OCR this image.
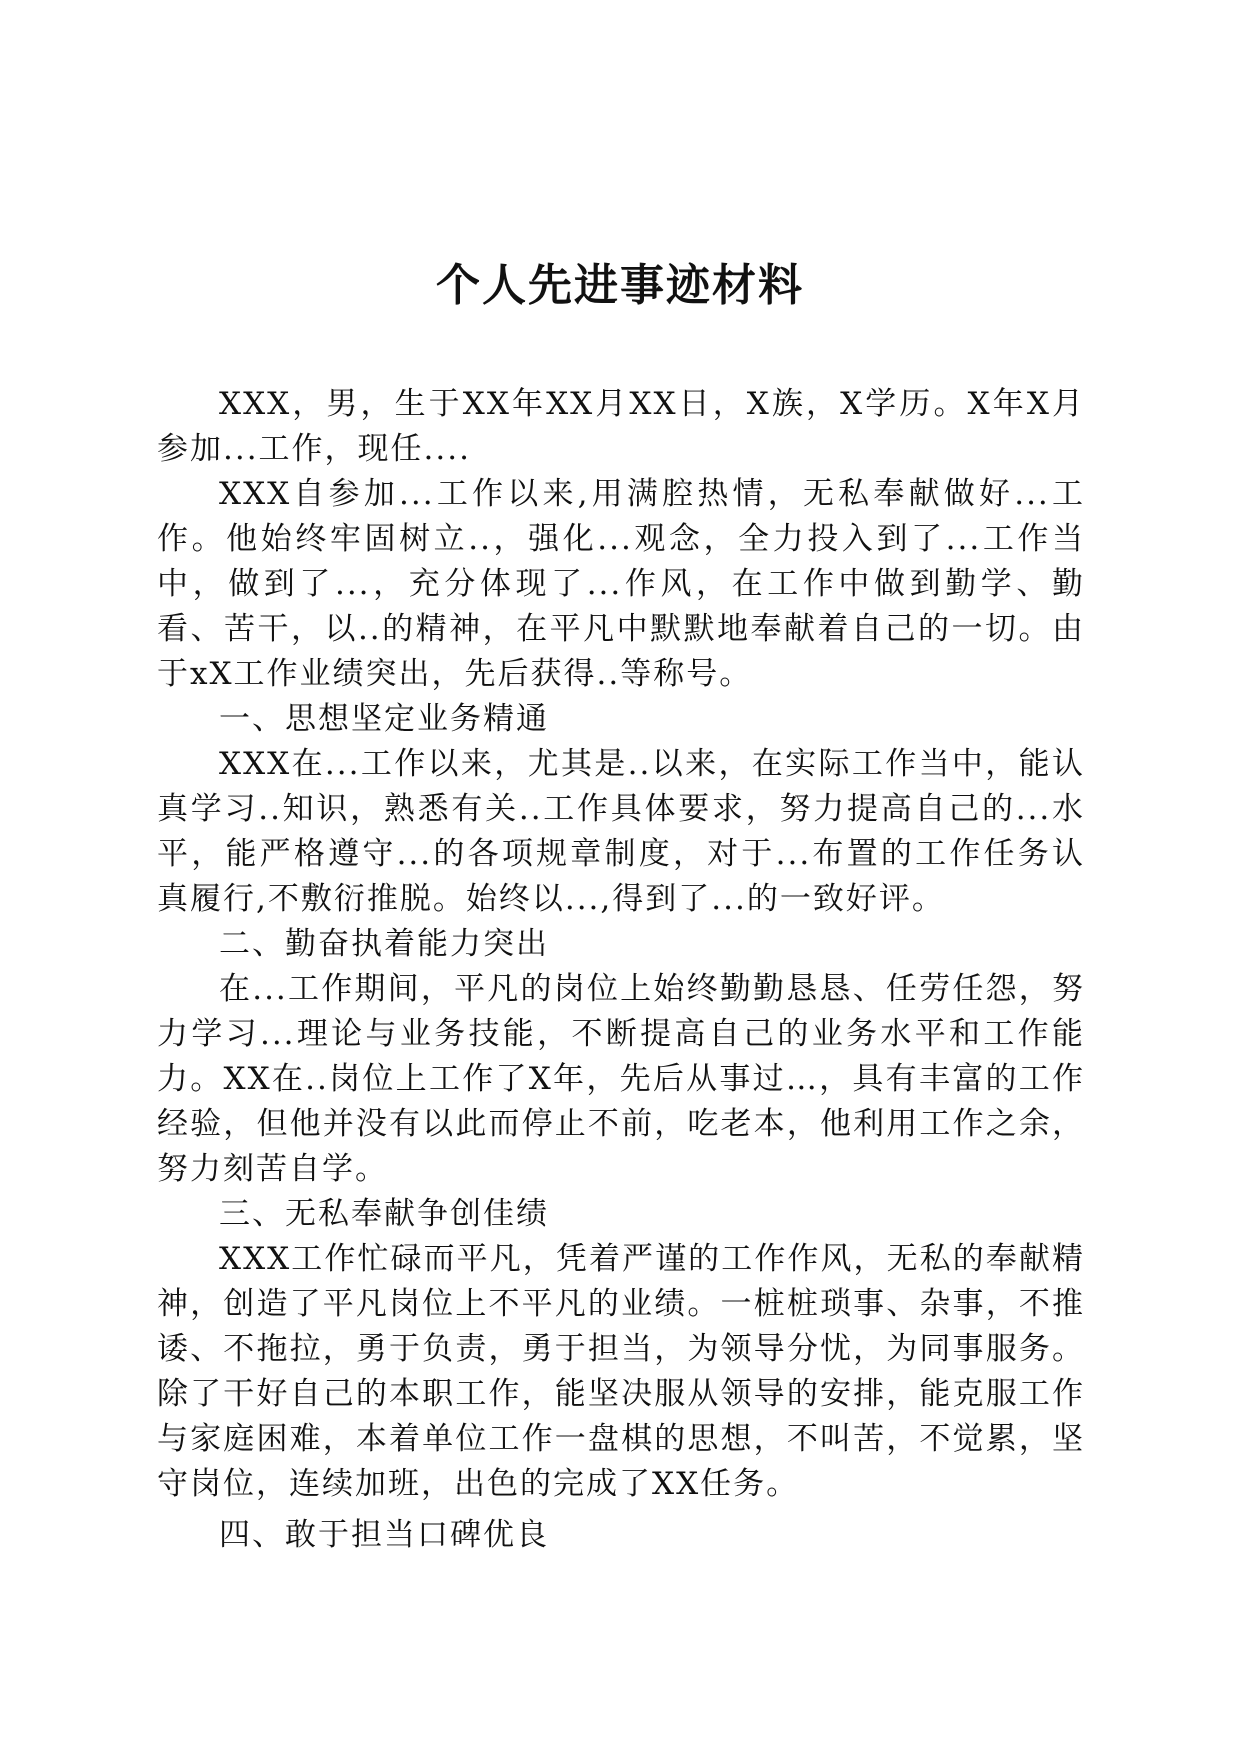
个人先进事迹材料

XXX，男，生于XX年XX月XX日，X族，X学历。X年X月参加...工作，现任....

XXX自参加...工作以来,用满腔热情，无私奉献做好...工作。他始终牢固树立..，强化...观念，全力投入到了...工作当中，做到了...，充分体现了...作风，在工作中做到勤学、勤看、苦干，以..的精神，在平凡中默默地奉献着自己的一切。由于xX工作业绩突出，先后获得..等称号。

一、思想坚定业务精通

XXX在...工作以来，尤其是..以来，在实际工作当中，能认真学习..知识，熟悉有关..工作具体要求，努力提高自己的...水平，能严格遵守...的各项规章制度，对于...布置的工作任务认真履行,不敷衍推脱。始终以...,得到了...的一致好评。

二、勤奋执着能力突出

在...工作期间，平凡的岗位上始终勤勤恳恳、任劳任怨，努力学习...理论与业务技能，不断提高自己的业务水平和工作能力。XX在..岗位上工作了X年，先后从事过…，具有丰富的工作经验，但他并没有以此而停止不前，吃老本，他利用工作之余，努力刻苦自学。

三、无私奉献争创佳绩

XXX工作忙碌而平凡，凭着严谨的工作作风，无私的奉献精神，创造了平凡岗位上不平凡的业绩。一桩桩琐事、杂事，不推诿、不拖拉，勇于负责，勇于担当，为领导分忧，为同事服务。除了干好自己的本职工作，能坚决服从领导的安排，能克服工作与家庭困难，本着单位工作一盘棋的思想，不叫苦，不觉累，坚守岗位，连续加班，出色的完成了XX任务。

四、敢于担当口碑优良
